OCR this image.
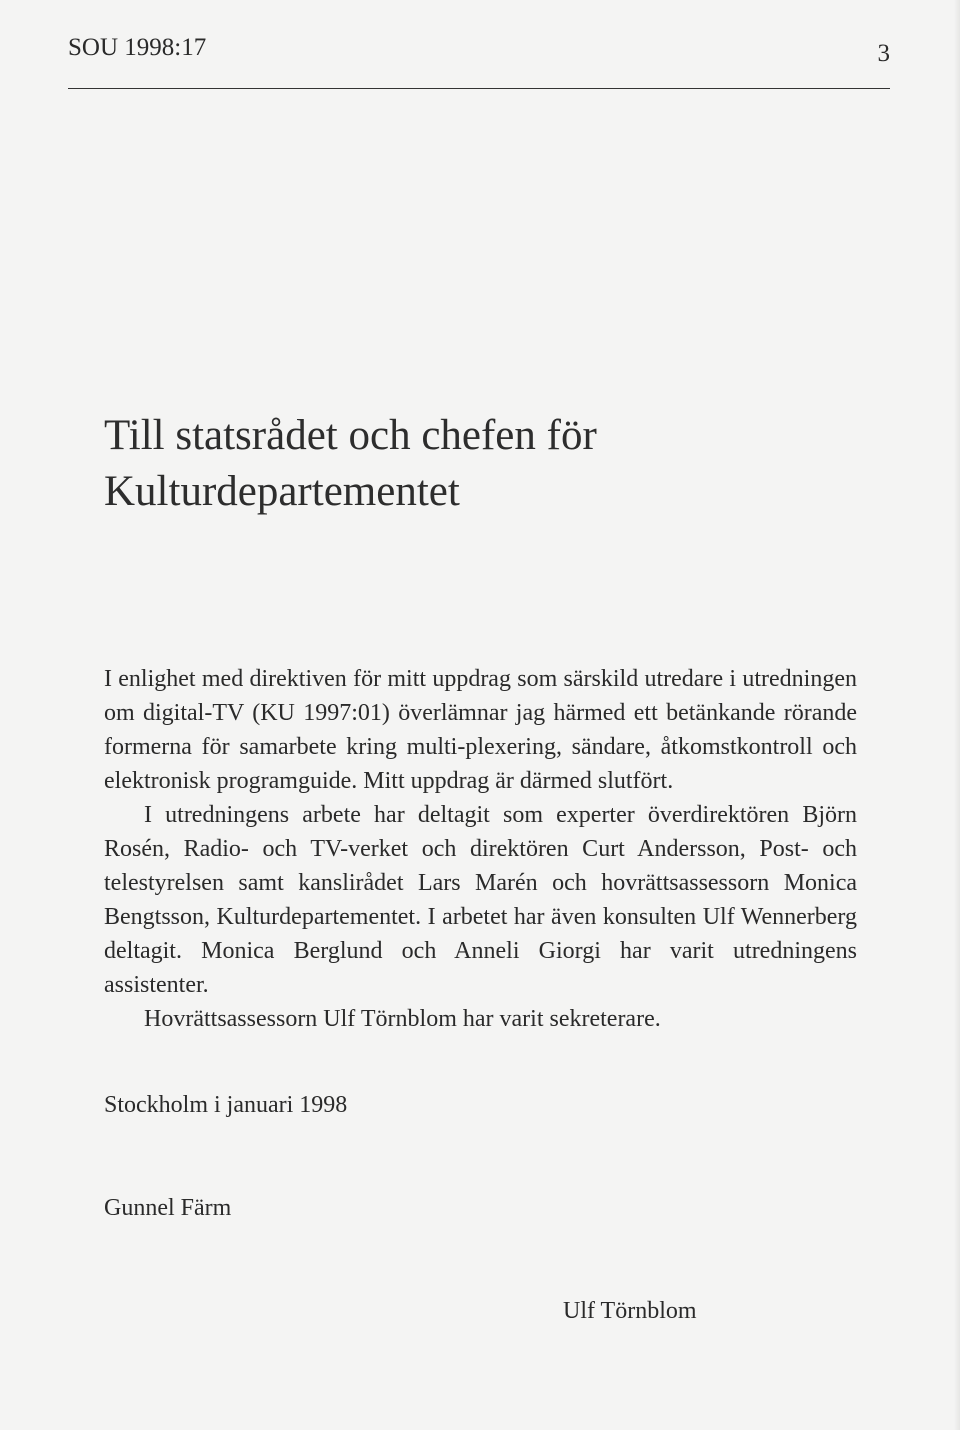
SOU 1998:17	3
Till statsrådet och chefen för
Kulturdepartementet

I enlighet med direktiven för mitt uppdrag som särskild utredare i utredningen om digital-TV (KU 1997:01) överlämnar jag härmed ett betänkande rörande formerna för samarbete kring multi-plexering, sändare, åtkomstkontroll och elektronisk programguide. Mitt uppdrag är därmed slutfört.

I utredningens arbete har deltagit som experter överdirektören Björn Rosén, Radio- och TV-verket och direktören Curt Andersson, Post- och telestyrelsen samt kanslirådet Lars Marén och hovrättsassessorn Monica Bengtsson, Kulturdepartementet. I arbetet har även konsulten Ulf Wennerberg deltagit. Monica Berglund och Anneli Giorgi har varit utredningens assistenter.

Hovrättsassessorn Ulf Törnblom har varit sekreterare.

Stockholm i januari 1998
Gunnel Färm
Ulf Törnblom
